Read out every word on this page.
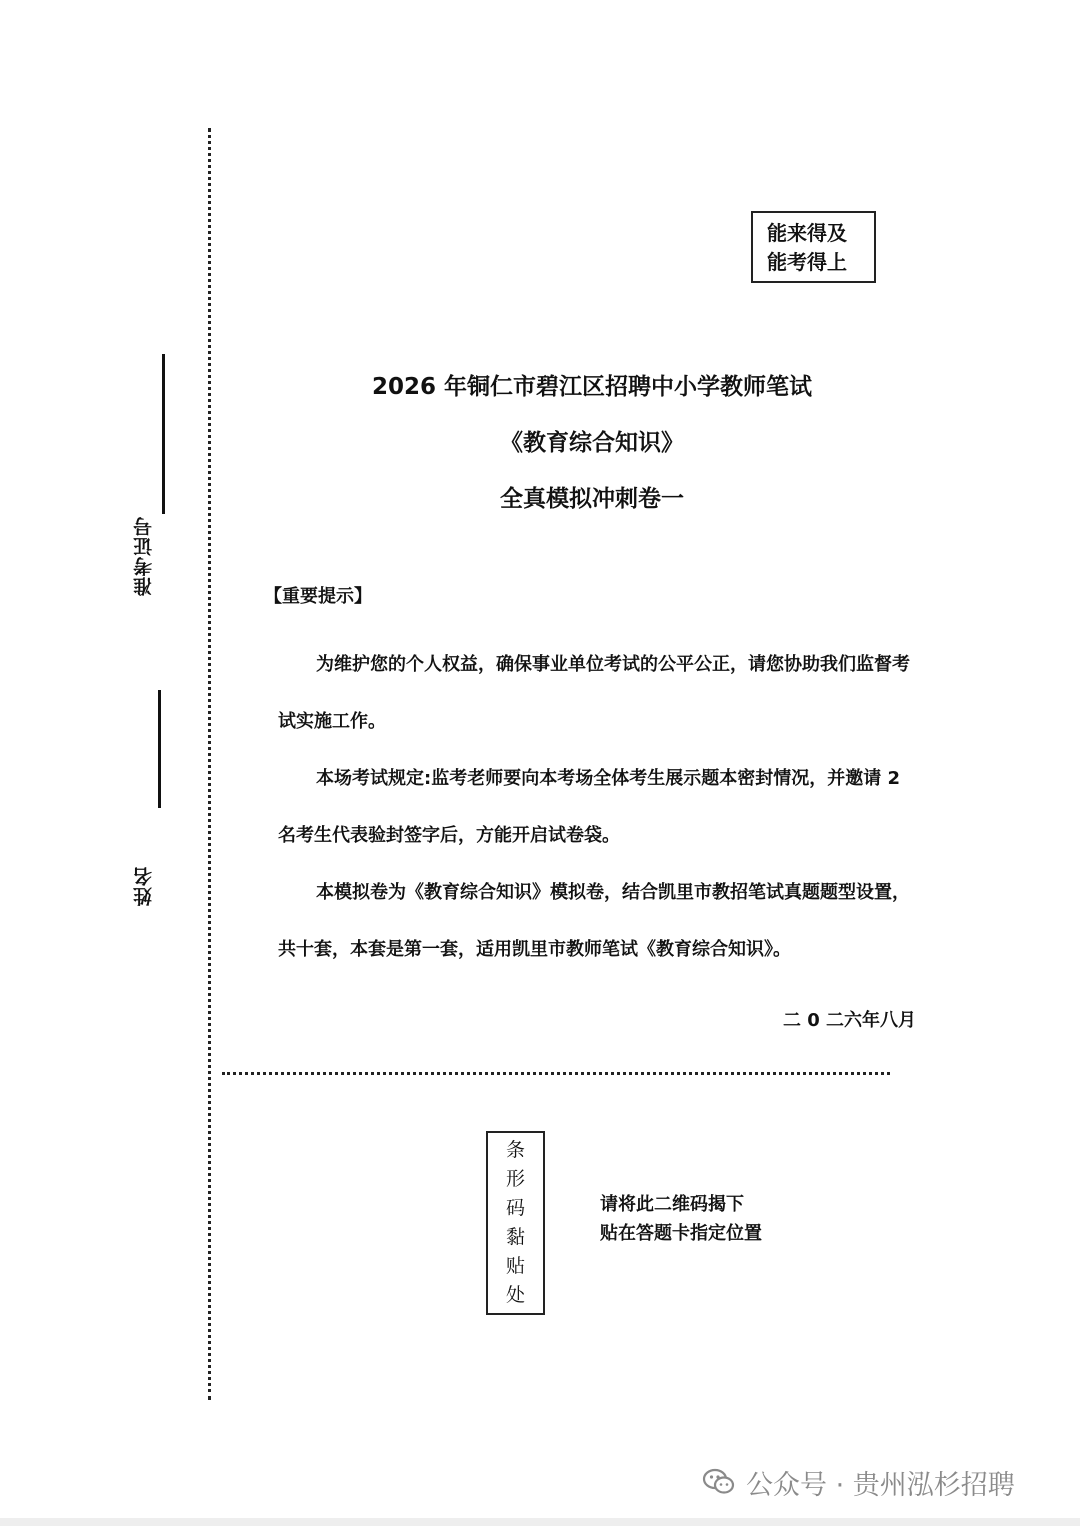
准考证号
姓名
能来得及
能考得上
2026 年铜仁市碧江区招聘中小学教师笔试
《教育综合知识》
全真模拟冲刺卷一
【重要提示】

为维护您的个人权益，确保事业单位考试的公平公正，请您协助我们监督考试实施工作。

本场考试规定:监考老师要向本考场全体考生展示题本密封情况，并邀请 2 名考生代表验封签字后，方能开启试卷袋。

本模拟卷为《教育综合知识》模拟卷，结合凯里市教招笔试真题题型设置，共十套，本套是第一套，适用凯里市教师笔试《教育综合知识》。

二 0 二六年八月
条
形
码
黏
贴
处
请将此二维码揭下
贴在答题卡指定位置
公众号 · 贵州泓杉招聘
